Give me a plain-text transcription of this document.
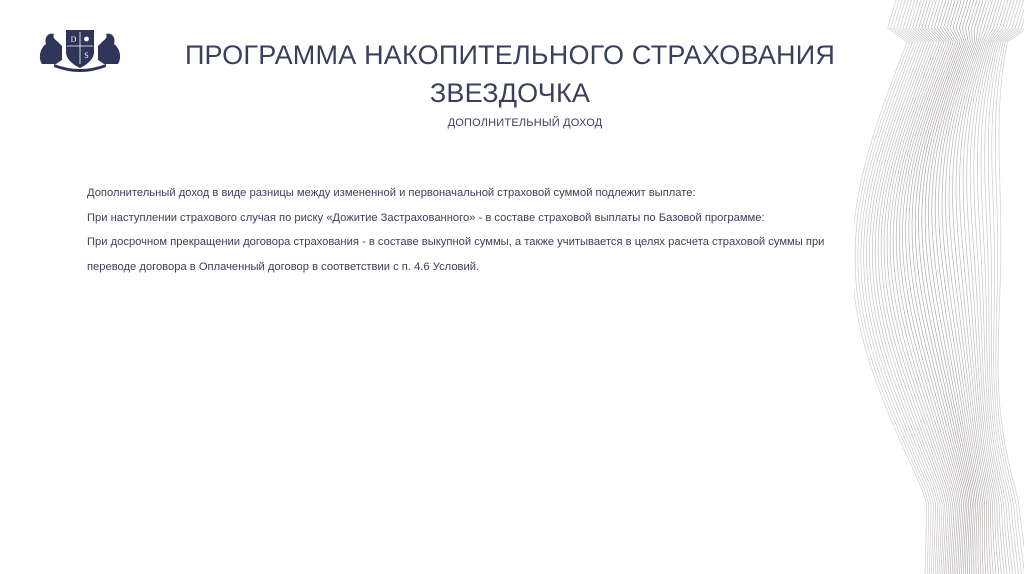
D
S	ПРОГРАММА НАКОПИТЕЛЬНОГО СТРАХОВАНИЯ
ЗВЕЗДОЧКА
ДОПОЛНИТЕЛЬНЫЙ ДОХОД

Дополнительный доход в виде разницы между измененной и первоначальной страховой суммой подлежит выплате:

При наступлении страхового случая по риску «Дожитие Застрахованного» - в составе страховой выплаты по Базовой программе:

При досрочном прекращении договора страхования - в составе выкупной суммы, а также учитывается в целях расчета страховой суммы при

переводе договора в Оплаченный договор в соответствии с п. 4.6 Условий.
